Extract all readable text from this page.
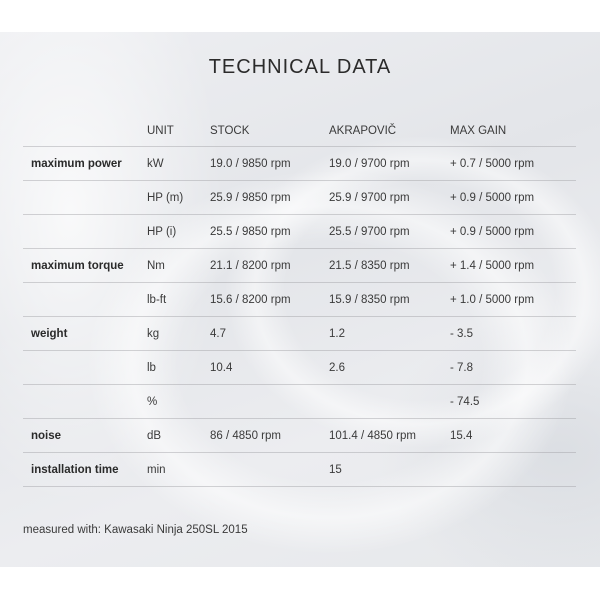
TECHNICAL DATA
	UNIT	STOCK	AKRAPOVIČ	MAX GAIN
maximum power	kW	19.0 / 9850 rpm	19.0 / 9700 rpm	+ 0.7 / 5000 rpm
	HP (m)	25.9 / 9850 rpm	25.9 / 9700 rpm	+ 0.9 / 5000 rpm
	HP (i)	25.5 / 9850 rpm	25.5 / 9700 rpm	+ 0.9 / 5000 rpm
maximum torque	Nm	21.1 / 8200 rpm	21.5 / 8350 rpm	+ 1.4 / 5000 rpm
	lb-ft	15.6 / 8200 rpm	15.9 / 8350 rpm	+ 1.0 / 5000 rpm
weight	kg	4.7	1.2	- 3.5
	lb	10.4	2.6	- 7.8
	%			- 74.5
noise	dB	86 / 4850 rpm	101.4 / 4850 rpm	15.4
installation time	min		15	
measured with: Kawasaki Ninja 250SL 2015
